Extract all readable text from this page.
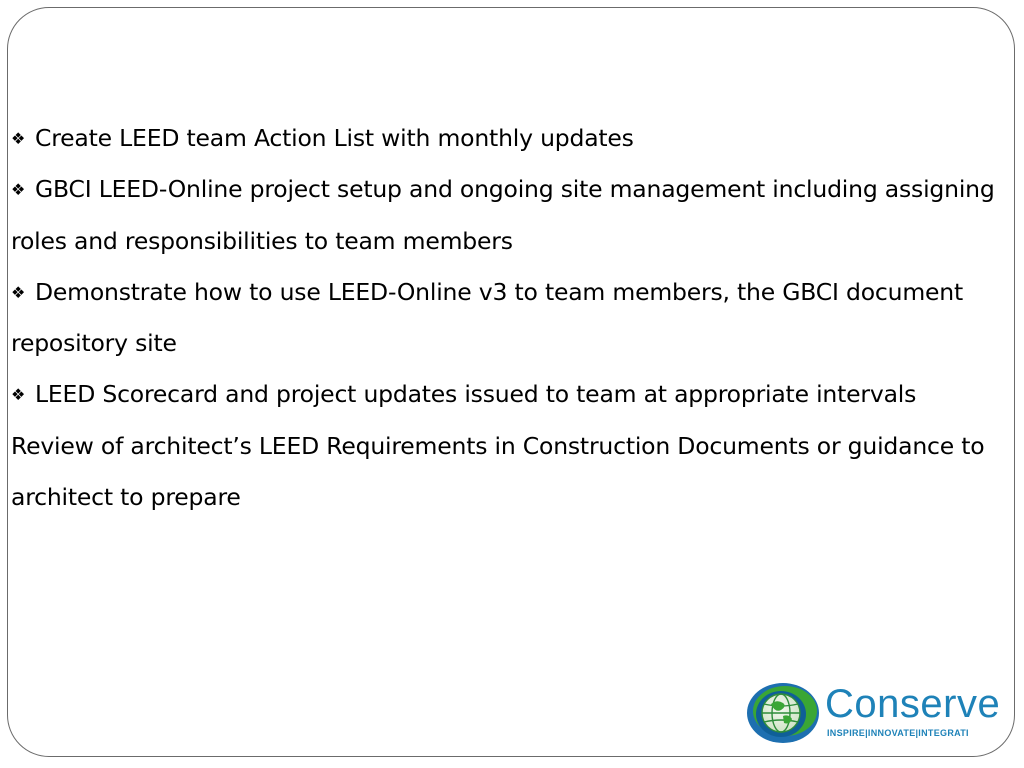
❖ Create LEED team Action List with monthly updates

❖ GBCI LEED-Online project setup and ongoing site management including assigning roles and responsibilities to team members

❖ Demonstrate how to use LEED-Online v3 to team members, the GBCI document repository site

❖ LEED Scorecard and project updates issued to team at appropriate intervals

Review of architect’s LEED Requirements in Construction Documents or guidance to architect to prepare

Conserve
INSPIRE|INNOVATE|INTEGRATI
